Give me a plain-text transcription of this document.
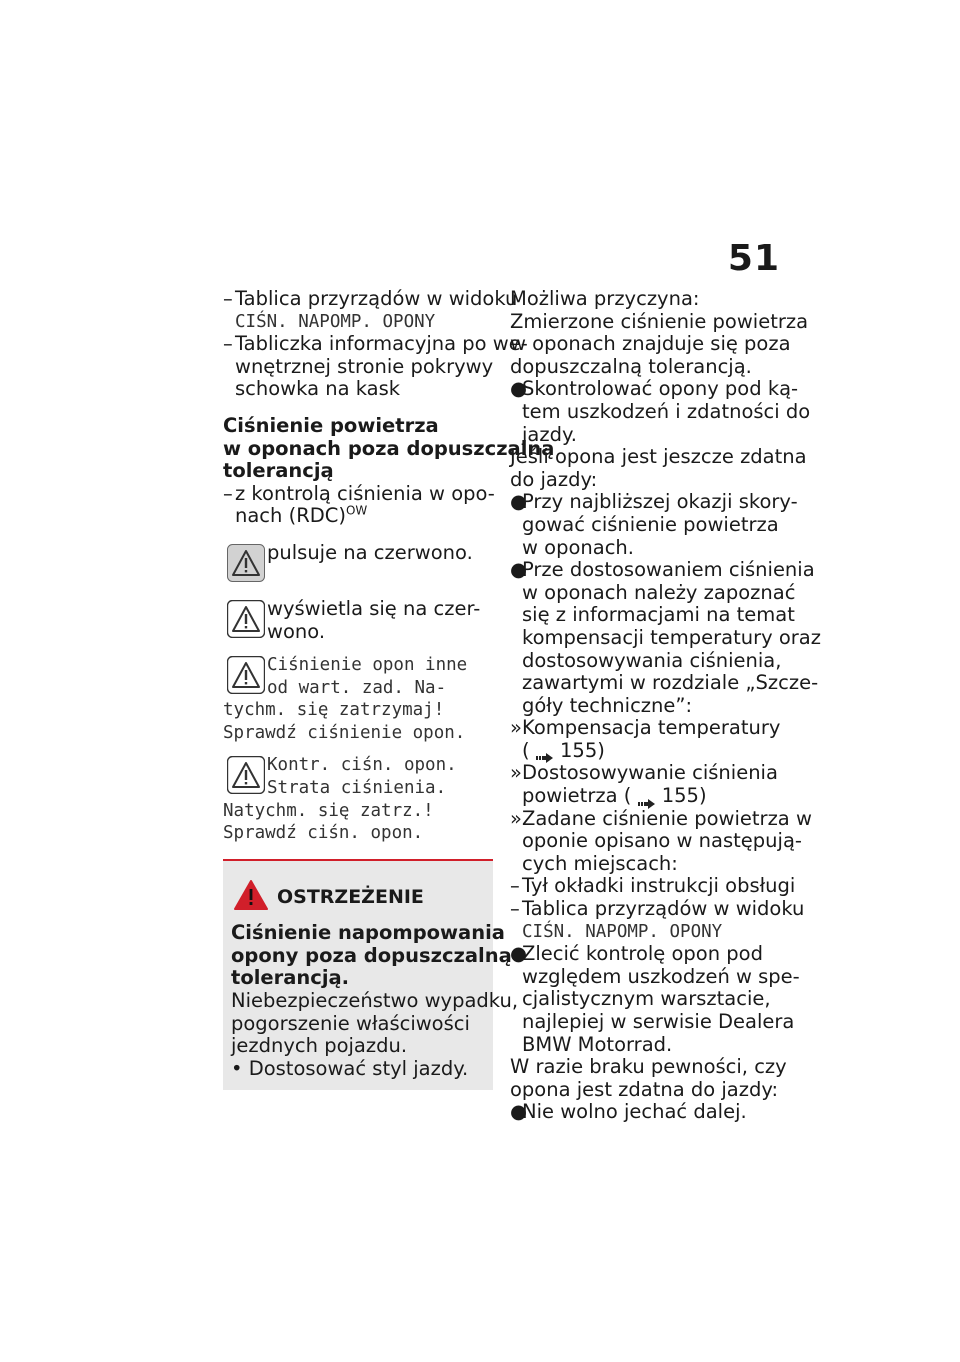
51
– Tablica przyrządów w widoku
CIŚN. NAPOMP. OPONY
– Tabliczka informacyjna po we-
wnętrznej stronie pokrywy
schowka na kask
Ciśnienie powietrza
w oponach poza dopuszczalną
tolerancją
– z kontrolą ciśnienia w opo-
nach (RDC)$^{OW}$
pulsuje na czerwono.
wyświetla się na czer-
wono.
Ciśnienie opon inne
od wart. zad. Na-
tychm. się zatrzymaj!
Sprawdź ciśnienie opon.
Kontr. ciśn. opon.
Strata ciśnienia.
Natychm. się zatrz.!
Sprawdź ciśn. opon.
OSTRZEŻENIE
Ciśnienie napompowania
opony poza dopuszczalną
tolerancją.
Niebezpieczeństwo wypadku,
pogorszenie właściwości
jezdnych pojazdu.
• Dostosować styl jazdy.
Możliwa przyczyna:
Zmierzone ciśnienie powietrza
w oponach znajduje się poza
dopuszczalną tolerancją.
●
Skontrolować opony pod ką-
tem uszkodzeń i zdatności do
jazdy.
Jeśli opona jest jeszcze zdatna
do jazdy:
●
Przy najbliższej okazji skory-
gować ciśnienie powietrza
w oponach.
●
Prze dostosowaniem ciśnienia
w oponach należy zapoznać
się z informacjami na temat
kompensacji temperatury oraz
dostosowywania ciśnienia,
zawartymi w rozdziale „Szcze-
góły techniczne”:
» Kompensacja temperatury
( 155)
» Dostosowywanie ciśnienia
powietrza ( 155)
» Zadane ciśnienie powietrza w
oponie opisano w następują-
cych miejscach:
– Tył okładki instrukcji obsługi
– Tablica przyrządów w widoku
CIŚN. NAPOMP. OPONY
●
Zlecić kontrolę opon pod
względem uszkodzeń w spe-
cjalistycznym warsztacie,
najlepiej w serwisie Dealera
BMW Motorrad.
W razie braku pewności, czy
opona jest zdatna do jazdy:
●
Nie wolno jechać dalej.
